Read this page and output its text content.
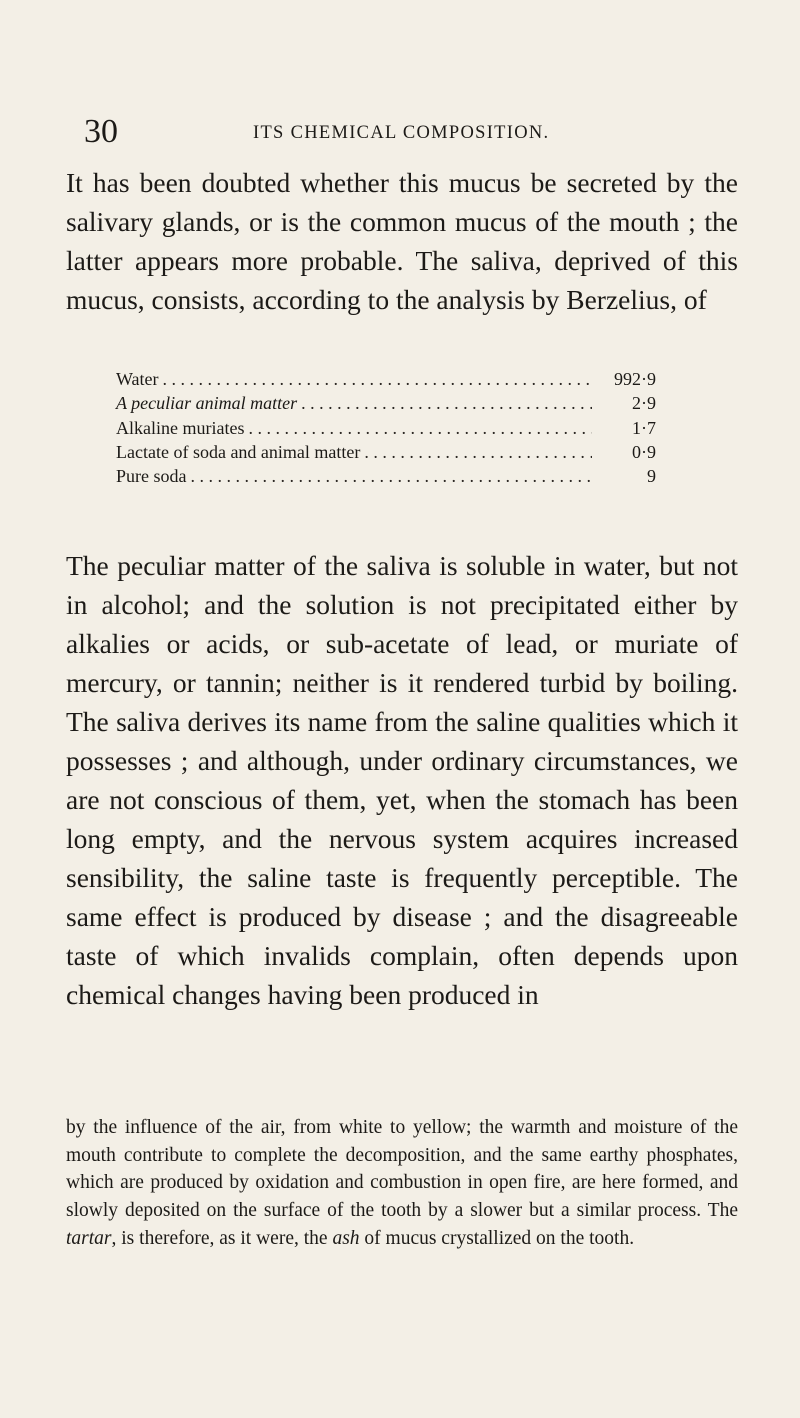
30	ITS CHEMICAL COMPOSITION.

It has been doubted whether this mucus be secreted by the salivary glands, or is the common mucus of the mouth ; the latter appears more probable. The saliva, deprived of this mucus, consists, according to the analysis by Berzelius, of

Water . . .	992·9
A peculiar animal matter . . .	2·9
Alkaline muriates . . .	1·7
Lactate of soda and animal matter . . .	0·9
Pure soda . . .	9

The peculiar matter of the saliva is soluble in water, but not in alcohol; and the solution is not precipitated either by alkalies or acids, or sub-acetate of lead, or muriate of mercury, or tannin; neither is it rendered turbid by boiling. The saliva derives its name from the saline qualities which it possesses ; and although, under ordinary circumstances, we are not conscious of them, yet, when the stomach has been long empty, and the nervous system acquires increased sensibility, the saline taste is frequently perceptible. The same effect is produced by disease ; and the disagreeable taste of which invalids complain, often depends upon chemical changes having been produced in

by the influence of the air, from white to yellow; the warmth and moisture of the mouth contribute to complete the decomposition, and the same earthy phosphates, which are produced by oxidation and combustion in open fire, are here formed, and slowly deposited on the surface of the tooth by a slower but a similar process. The tartar, is therefore, as it were, the ash of mucus crystallized on the tooth.
